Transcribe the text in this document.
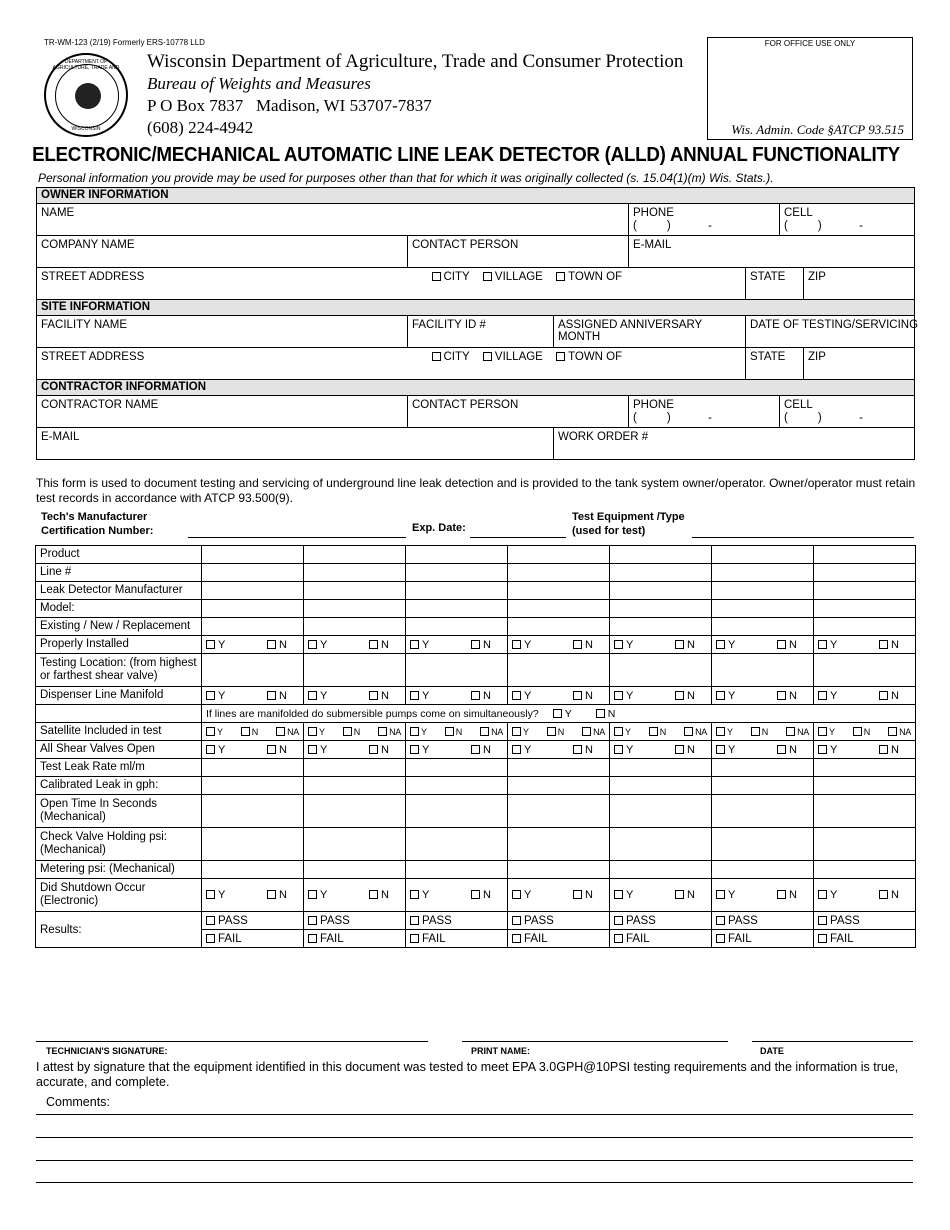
TR-WM-123 (2/19) Formerly ERS-10778 LLD
DEPARTMENT OF AGRICULTURE, TRADE AND
WISCONSIN
Wisconsin Department of Agriculture, Trade and Consumer Protection
Bureau of Weights and Measures
P O Box 7837   Madison, WI 53707-7837
(608) 224-4942
FOR OFFICE USE ONLY
Wis. Admin. Code §ATCP 93.515
ELECTRONIC/MECHANICAL AUTOMATIC LINE LEAK DETECTOR (ALLD) ANNUAL FUNCTIONALITY
Personal information you provide may be used for purposes other than that for which it was originally collected (s. 15.04(1)(m) Wis. Stats.).
OWNER INFORMATION						
NAME			PHONE
(        )          -		CELL
(        )          -	

COMPANY NAME	CONTACT PERSON		E-MAIL			
STREET ADDRESS	CITY VILLAGE TOWN OF			STATE		ZIP
SITE INFORMATION						
FACILITY NAME	FACILITY ID #	ASSIGNED ANNIVERSARY MONTH		DATE OF TESTING/SERVICING		
STREET ADDRESS	CITY VILLAGE TOWN OF			STATE		ZIP
CONTRACTOR INFORMATION						
CONTRACTOR NAME	CONTACT PERSON		PHONE
(        )          -		CELL
(        )          -	

E-MAIL		WORK ORDER #				
This form is used to document testing and servicing of underground line leak detection and is provided to the tank system owner/operator. Owner/operator must retain test records in accordance with ATCP 93.500(9).
Tech's Manufacturer
Certification Number:	Exp. Date:
Test Equipment /Type
(used for test)
Product							
Line #							
Leak Detector Manufacturer							
Model:							
Existing / New / Replacement							
Properly Installed	Y N	Y N	Y N	Y N	Y N	Y N	Y N

Testing Location: (from highest or farthest shear valve)							
Dispenser Line Manifold	Y N	Y N	Y N	Y N	Y N	Y N	Y N

	If lines are manifolded do submersible pumps come on simultaneously? Y N						
Satellite Included in test	Y N NA	Y N NA	Y N NA	Y N NA	Y N NA	Y N NA	Y N NA

All Shear Valves Open	Y N	Y N	Y N	Y N	Y N	Y N	Y N

Test Leak Rate ml/m							
Calibrated Leak in gph:							
Open Time In Seconds (Mechanical)							
Check Valve Holding psi: (Mechanical)							
Metering psi: (Mechanical)							
Did Shutdown Occur (Electronic)	Y N	Y N	Y N	Y N	Y N	Y N	Y N

Results:	PASS	PASS	PASS	PASS	PASS	PASS	PASS
	FAIL	FAIL	FAIL	FAIL	FAIL	FAIL	FAIL
TECHNICIAN'S SIGNATURE:	PRINT NAME:	DATE
I attest by signature that the equipment identified in this document was tested to meet EPA 3.0GPH@10PSI testing requirements and the information is true, accurate, and complete.
Comments:
